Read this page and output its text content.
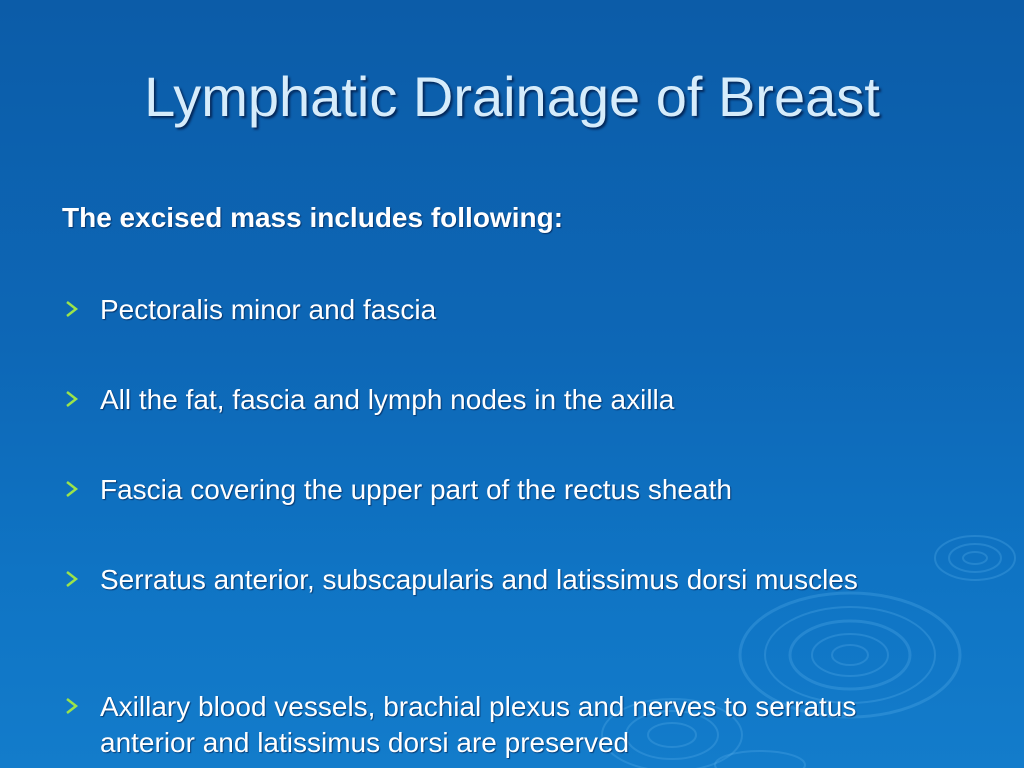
Lymphatic Drainage of Breast
The excised mass includes following:
Pectoralis minor and fascia
All the fat, fascia and lymph nodes in the axilla
Fascia covering the upper part of the rectus sheath
Serratus anterior, subscapularis and latissimus dorsi muscles
Axillary blood vessels, brachial plexus and nerves to serratus anterior and latissimus dorsi are preserved
